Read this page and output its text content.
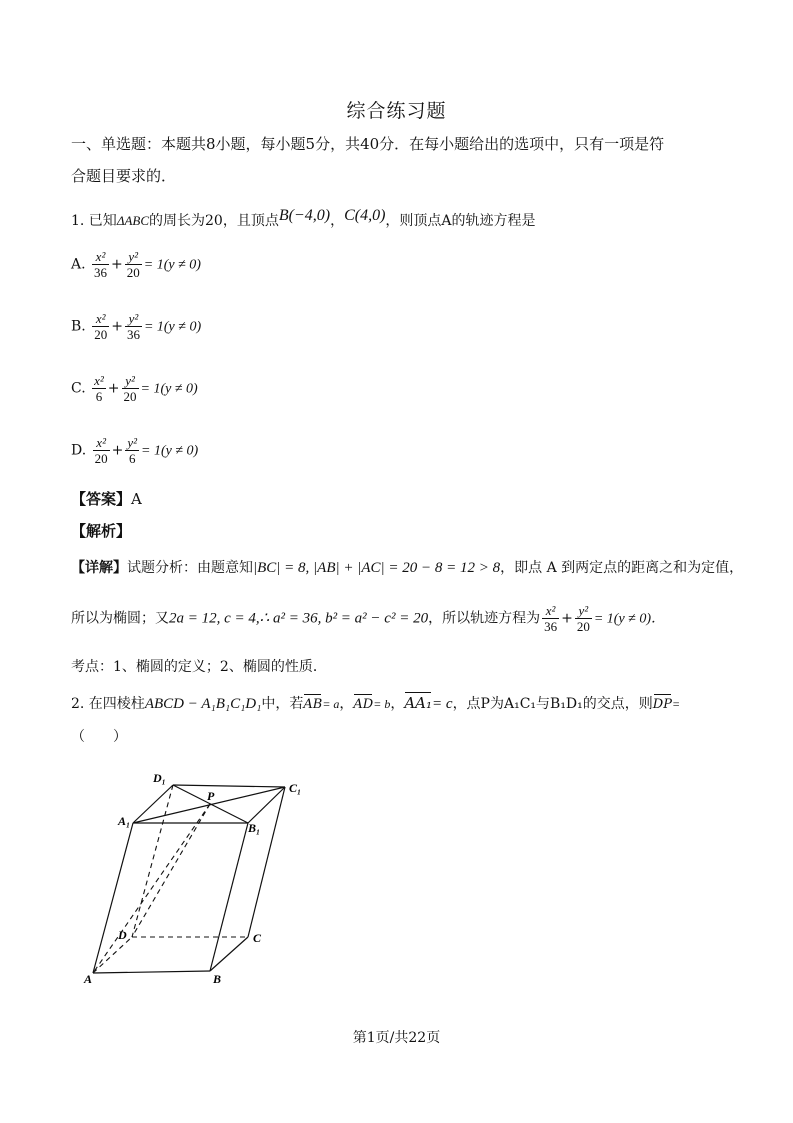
综合练习题
一、单选题：本题共8小题，每小题5分，共40分．在每小题给出的选项中，只有一项是符
合题目要求的．
1. 已知ΔABC的周长为20，且顶点B(−4,0)，C(4,0)，则顶点A的轨迹方程是
A. $\frac{\text{x²}}{36} + \frac{\text{y²}}{20} = 1(y \ne 0)$
B. $\frac{\text{x²}}{20} + \frac{\text{y²}}{36} = 1(y \ne 0)$
C. $\frac{\text{x²}}{6} + \frac{\text{y²}}{20} = 1(y \ne 0)$
D. $\frac{\text{x²}}{20} + \frac{\text{y²}}{6} = 1(y \ne 0)$
【答案】A
【解析】
【详解】试题分析：由题意知|BC| = 8, |AB| + |AC| = 20 − 8 = 12 > 8，即点 A 到两定点的距离之和为定值，
所以为椭圆；又2a = 12, c = 4,∴ a² = 36, b² = a² − c² = 20，所以轨迹方程为 $\frac{\text{x²}}{36} + \frac{\text{y²}}{20} = 1(y \ne 0)$．
考点：1、椭圆的定义；2、椭圆的性质．
2. 在四棱柱ABCD − A₁B₁C₁D₁中，若AB= a，AD= b，AA₁= c，点P为A₁C₁与B₁D₁的交点，则DP=
（　　）
D₁
C₁
A₁	B₁
P
D	C
A	B
第1页/共22页
